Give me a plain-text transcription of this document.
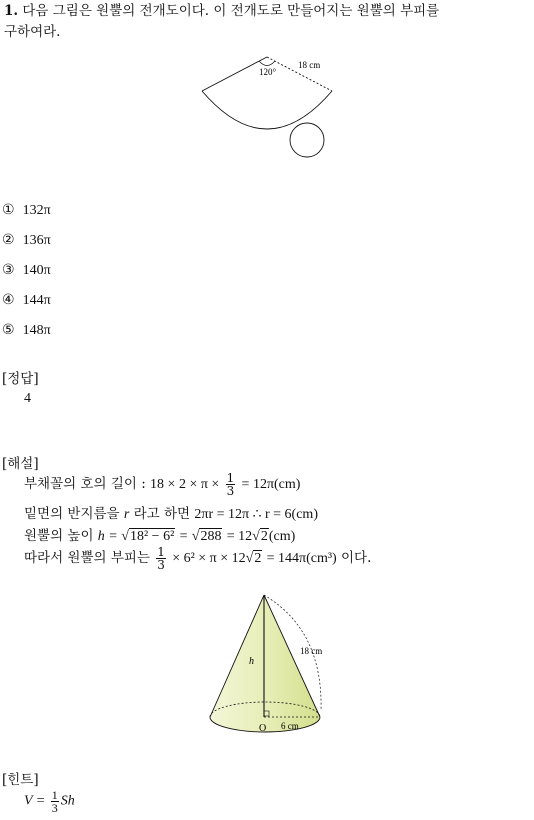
1. 다음 그림은 원뿔의 전개도이다. 이 전개도로 만들어지는 원뿔의 부피를
구하여라.
120°
18 cm
① 132π
② 136π
③ 140π
④ 144π
⑤ 148π
[정답]
4
[해설]
부채꼴의 호의 길이 : $18 \times 2 \times \pi \times \frac{1}{3} = 12\pi(cm)$
밑면의 반지름을 r 라고 하면 2πr = 12π ∴ r = 6(cm)
원뿔의 높이 h = √18² − 6² = √288 = 12√2(cm)
따라서 원뿔의 부피는 $\frac{1}{3} \times 6^2 \times \pi \times 12√2 = 144\pi(cm^3)$ 이다.
h
18 cm
6 cm
O
[힌트]
$V = \frac{1}{3}$ Sh
